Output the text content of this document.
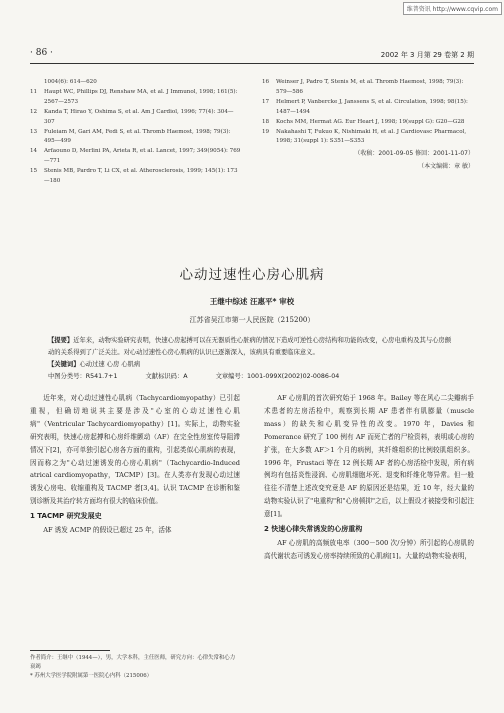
维普资讯 http://www.cqvip.com
· 86 ·	2002 年 3 月第 29 卷第 2 期
1004(6): 614—620
11	Haupt WC, Phillips DJ, Renshaw MA, et al. J Immunol, 1998; 161(5): 2567—2573
12	Kanda T, Hirao Y, Oshima S, et al. Am J Cardiol, 1996; 77(4): 304—307
13	Fuleiam M, Gari AM, Fedi S, et al. Thromb Haemost, 1998; 79(3): 495—499
14	Arfaouno D, Merlini PA, Arieta R, et al. Lancet, 1997; 349(9054): 769—771
15	Stenis MB, Pardro T, Li CX, et al. Atherosclerosis, 1999; 145(1): 173—180
16	Weinser J, Padro T, Stenis M, et al. Thromb Haemost, 1998; 79(3): 579—586
17	Helmert P, Vanbercke J, Janssens S, et al. Circulation, 1998; 98(15): 1487—1494
18	Kochs MM, Hermat AG. Eur Heart J, 1998; 19(suppl G): G20—G28
19	Nakahashi T, Fukuo K, Nishimaki H, et al. J Cardiovasc Pharmacol, 1998; 31(suppl 1): S351—S353
（收稿：2001-09-05 修回：2001-11-07）
（本文编辑：章 敏）
心动过速性心房心肌病
王继中综述 汪惠平* 审校
江苏省吴江市第一人民医院（215200）
【提要】近年来，动物实验研究表明，快速心房起搏可以在无器质性心脏病的情况下造成可逆性心房结构和功能的改变，心房电重构及其与心房颤动的关系得到了广泛关注。对心动过速性心房心肌病的认识已逐渐深入，该病具有重要临床意义。
【关键词】心动过速 心房 心肌病
中图分类号：R541.7+1	文献标识码：A	文章编号：1001-099X(2002)02-0086-04

近年来，对心动过速性心肌病（Tachycardiomyopathy）已引起重视，但确切地说其主要是涉及"心室的心动过速性心肌病"（Ventricular Tachycardiomyopathy）[1]。实际上，动物实验研究表明，快速心房起搏和心房纤维颤动（AF）在完全性房室传导阻滞情况下[2]，亦可单独引起心房各方面的重构，引起类似心肌病的表现，因而称之为"心动过速诱发的心房心肌病"（Tachycardio-Induced atrical cardiomyopathy，TACMP）[3]。在人类亦有发现心动过速诱发心房电、收缩重构及 TACMP 者[3,4]。认识 TACMP 在诊断和鉴别诊断及其治疗转方面均有很大的临床价值。

1 TACMP 研究发展史

AF 诱发 ACMP 的假设已超过 25 年，活体

AF 心房肌的首次研究始于 1968 年。Bailey 等在风心二尖瓣病手术患者的左房活检中，观察到长期 AF 患者伴有肌膨量（muscle mass）的缺失和心肌变异性的改变。1970 年，Davies 和 Pomerance 研究了 100 例有 AF 而死亡者的尸检资料，表明或心房的扩张，在大多数 AF＞1 个月的病例，其纤维组织的比例较肌组织多。1996 年，Frustaci 等在 12 例长期 AF 者的心房活检中发现，所有病例均有包括炎性浸润、心房肌细胞坏死、退变和纤维化等异常。但一般往往不清楚上述改变究竟是 AF 的原因还是结果，近 10 年，经大量的动物实验认识了"电重构"和"心房顿抑"之后，以上假设才被接受和引起注意[1]。

2 快速心律失常诱发的心房重构

AF 心房肌的高频放电率（300－500 次/分钟）所引起的心房肌的高代谢状态可诱发心房率持续所致的心肌病[1]。大量的动物实验表明，

作者简介：王继中（1944—），男，大学本科，主任医师，研究方向：心律失常和心力衰竭
* 苏州大学医学院附属第一医院心内科（215006）
